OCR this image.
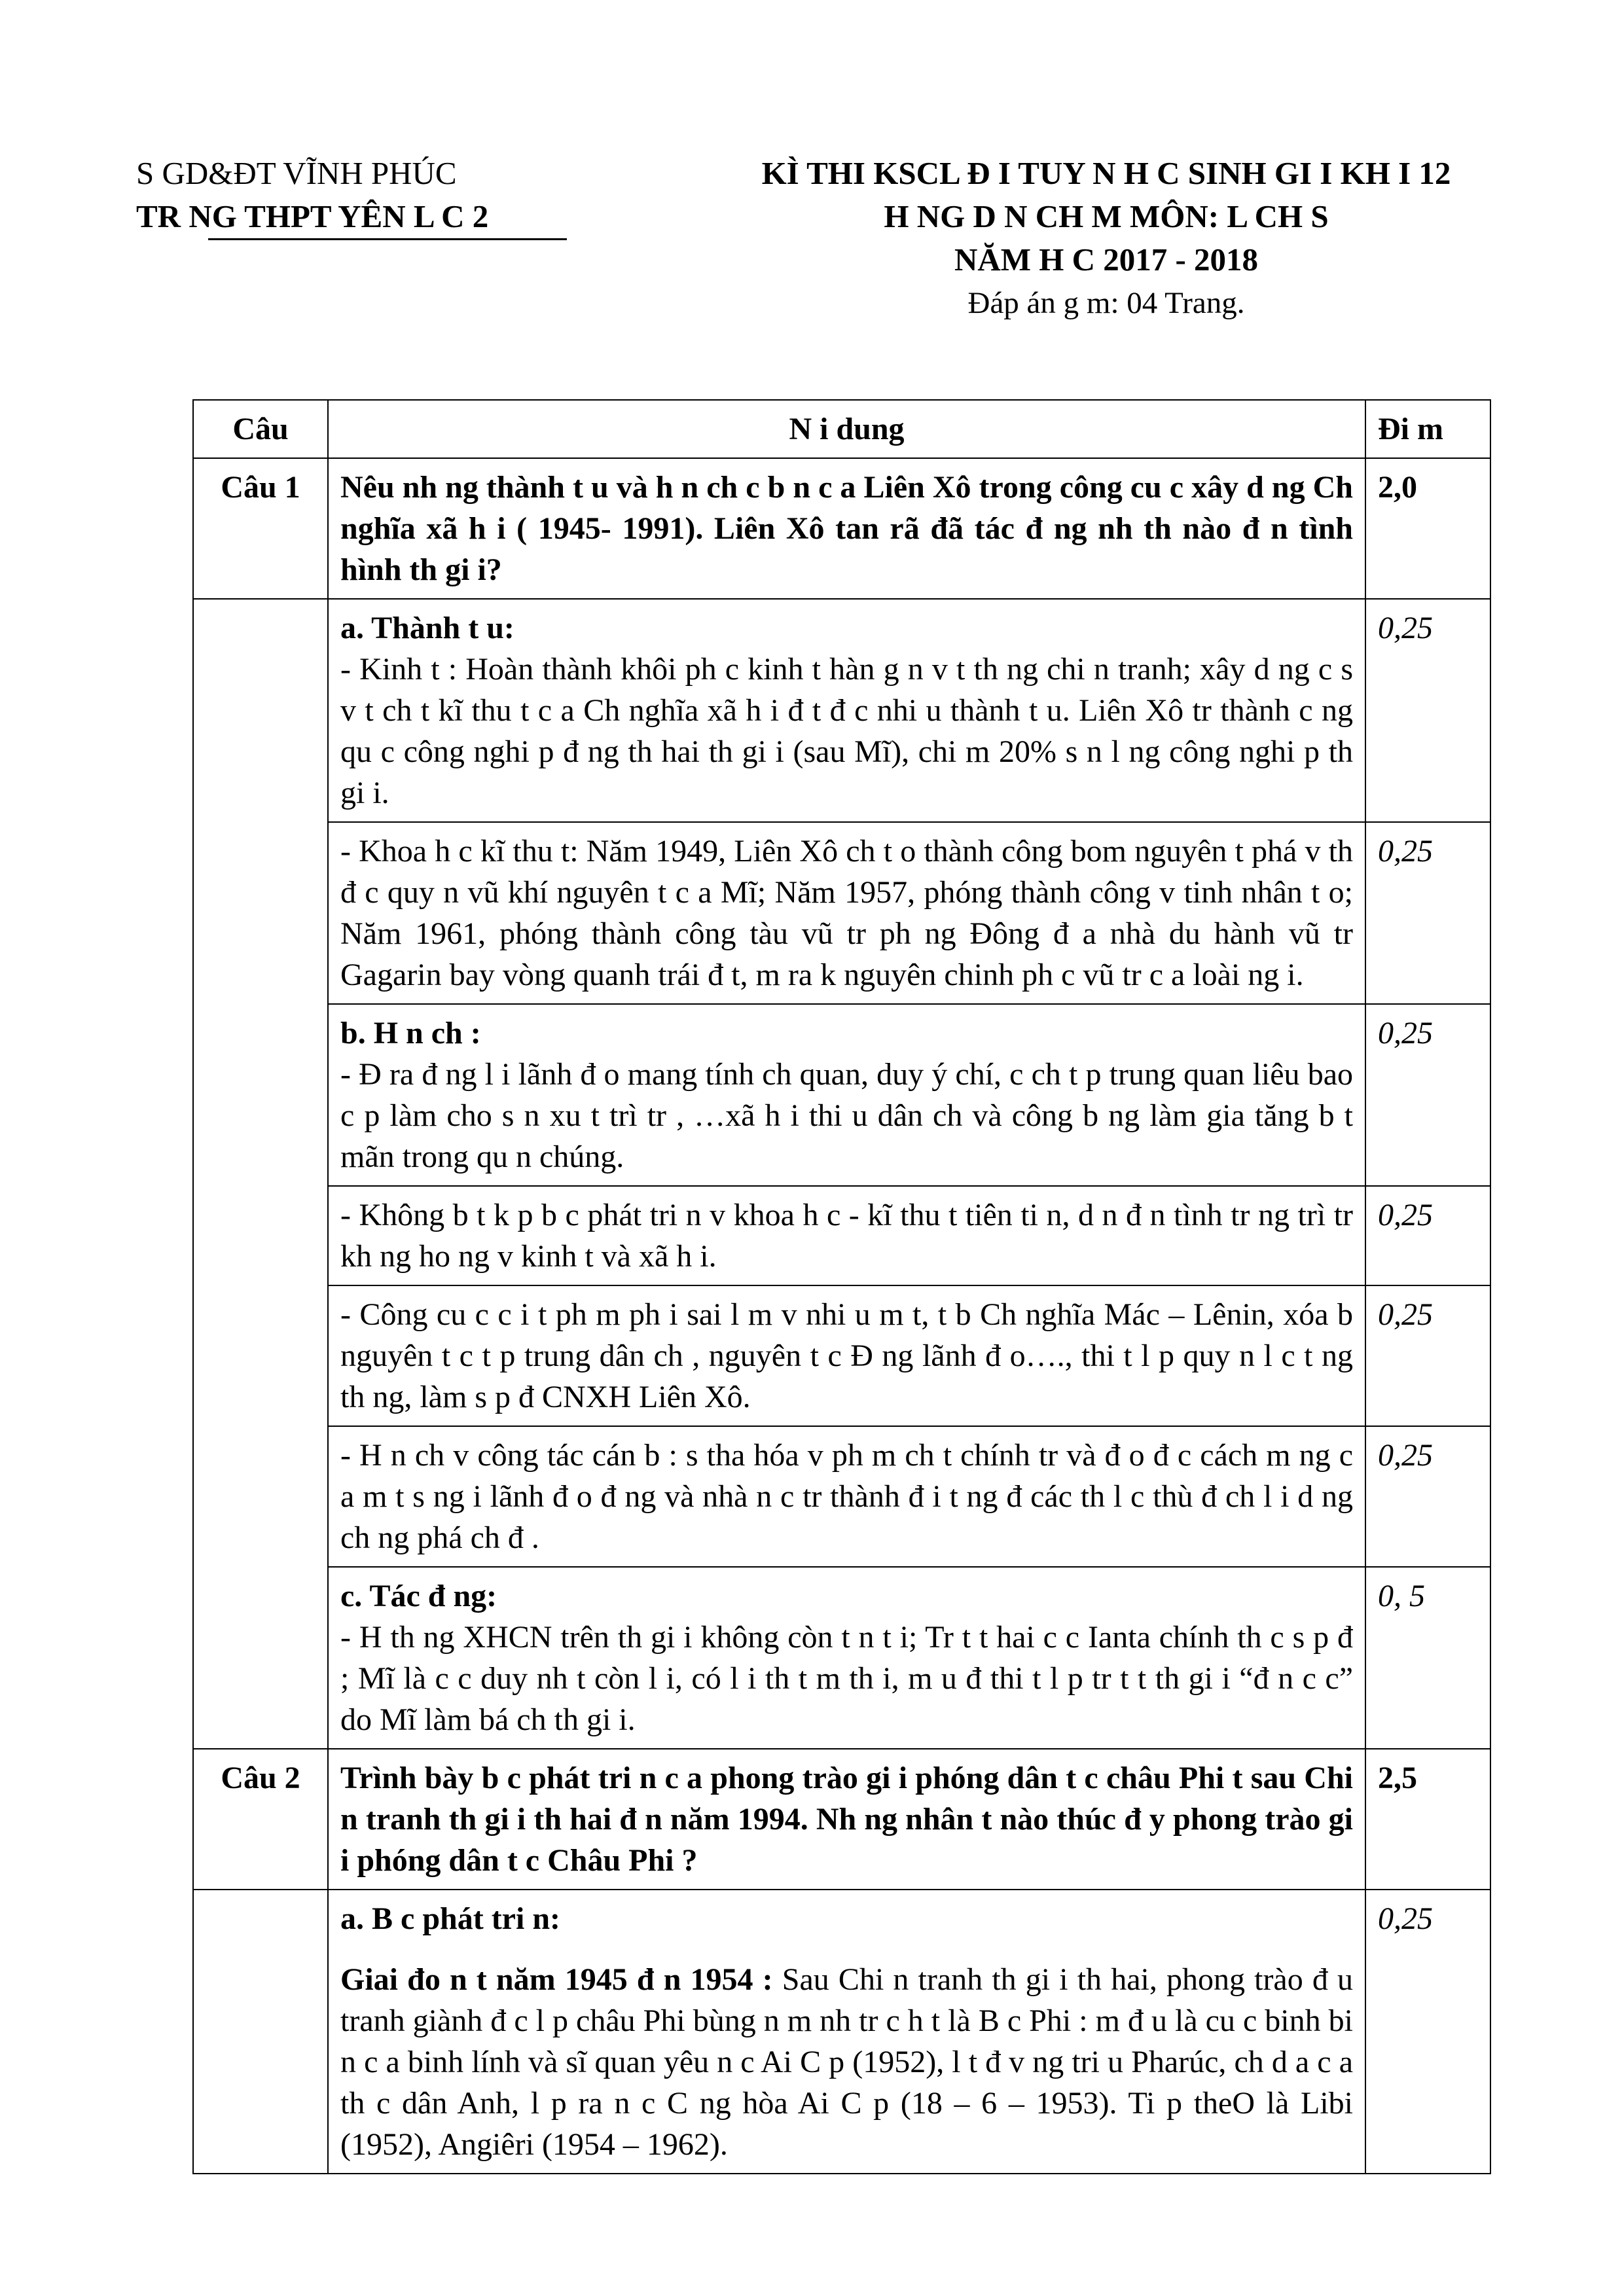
S GD&ĐT VĨNH PHÚC
TR NG THPT YÊN L C 2
KÌ THI KSCL Đ I TUY N H C SINH GI I KH I 12
H NG D N CH M MÔN: L CH S
NĂM H C 2017 - 2018
Đáp án g m: 04 Trang.
Câu	N i dung	Đi m
Câu 1	Nêu nh ng thành t u và h n ch c b n c a Liên Xô trong công cu c xây d ng Ch nghĩa xã h i ( 1945- 1991). Liên Xô tan rã đã tác đ ng nh th nào đ n tình hình th gi i?	2,0

	a. Thành t u:

- Kinh t : Hoàn thành khôi ph c kinh t hàn g n v t th ng chi n tranh; xây d ng c s v t ch t kĩ thu t c a Ch nghĩa xã h i đ t đ c nhi u thành t u. Liên Xô tr thành c ng qu c công nghi p đ ng th hai th gi i (sau Mĩ), chi m 20% s n l ng công nghi p th gi i.	0,25

	- Khoa h c kĩ thu t: Năm 1949, Liên Xô ch t o thành công bom nguyên t phá v th đ c quy n vũ khí nguyên t c a Mĩ; Năm 1957, phóng thành công v tinh nhân t o; Năm 1961, phóng thành công tàu vũ tr ph ng Đông đ a nhà du hành vũ tr Gagarin bay vòng quanh trái đ t, m ra k nguyên chinh ph c vũ tr c a loài ng i.	0,25

	b. H n ch :

- Đ ra đ ng l i lãnh đ o mang tính ch quan, duy ý chí, c ch t p trung quan liêu bao c p làm cho s n xu t trì tr , …xã h i thi u dân ch và công b ng làm gia tăng b t mãn trong qu n chúng.	0,25

	- Không b t k p b c phát tri n v khoa h c - kĩ thu t tiên ti n, d n đ n tình tr ng trì tr kh ng ho ng v kinh t và xã h i.	0,25

	- Công cu c c i t ph m ph i sai l m v nhi u m t, t b Ch nghĩa Mác – Lênin, xóa b nguyên t c t p trung dân ch , nguyên t c Đ ng lãnh đ o…., thi t l p quy n l c t ng th ng, làm s p đ CNXH Liên Xô.	0,25

	- H n ch v công tác cán b : s tha hóa v ph m ch t chính tr và đ o đ c cách m ng c a m t s ng i lãnh đ o đ ng và nhà n c tr thành đ i t ng đ các th l c thù đ ch l i d ng ch ng phá ch đ .	0,25

	c. Tác đ ng:

- H th ng XHCN trên th gi i không còn t n t i; Tr t t hai c c Ianta chính th c s p đ ; Mĩ là c c duy nh t còn l i, có l i th t m th i, m u đ thi t l p tr t t th gi i “đ n c c” do Mĩ làm bá ch th gi i.	0, 5
Câu 2	Trình bày b c phát tri n c a phong trào gi i phóng dân t c châu Phi t sau Chi n tranh th gi i th hai đ n năm 1994. Nh ng nhân t nào thúc đ y phong trào gi i phóng dân t c Châu Phi ?	2,5

	a. B c phát tri n:

Giai đo n t năm 1945 đ n 1954 : Sau Chi n tranh th gi i th hai, phong trào đ u tranh giành đ c l p châu Phi bùng n m nh tr c h t là B c Phi : m đ u là cu c binh bi n c a binh lính và sĩ quan yêu n c Ai C p (1952), l t đ v ng tri u Pharúc, ch d a c a th c dân Anh, l p ra n c C ng hòa Ai C p (18 – 6 – 1953). Ti p theO là Libi (1952), Angiêri (1954 – 1962).	0,25
